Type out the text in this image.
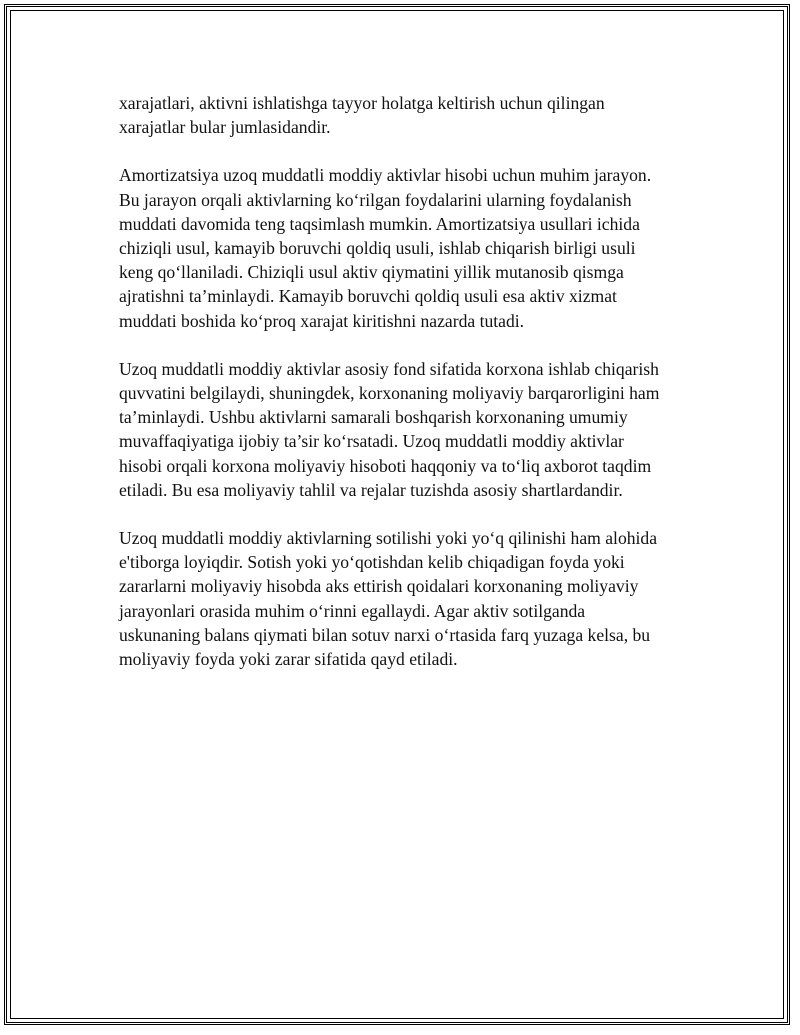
xarajatlari, aktivni ishlatishga tayyor holatga keltirish uchun qilingan
xarajatlar bular jumlasidandir.

Amortizatsiya uzoq muddatli moddiy aktivlar hisobi uchun muhim jarayon.
Bu jarayon orqali aktivlarning ko‘rilgan foydalarini ularning foydalanish
muddati davomida teng taqsimlash mumkin. Amortizatsiya usullari ichida
chiziqli usul, kamayib boruvchi qoldiq usuli, ishlab chiqarish birligi usuli
keng qo‘llaniladi. Chiziqli usul aktiv qiymatini yillik mutanosib qismga
ajratishni ta’minlaydi. Kamayib boruvchi qoldiq usuli esa aktiv xizmat
muddati boshida ko‘proq xarajat kiritishni nazarda tutadi.

Uzoq muddatli moddiy aktivlar asosiy fond sifatida korxona ishlab chiqarish
quvvatini belgilaydi, shuningdek, korxonaning moliyaviy barqarorligini ham
ta’minlaydi. Ushbu aktivlarni samarali boshqarish korxonaning umumiy
muvaffaqiyatiga ijobiy ta’sir ko‘rsatadi. Uzoq muddatli moddiy aktivlar
hisobi orqali korxona moliyaviy hisoboti haqqoniy va to‘liq axborot taqdim
etiladi. Bu esa moliyaviy tahlil va rejalar tuzishda asosiy shartlardandir.

Uzoq muddatli moddiy aktivlarning sotilishi yoki yo‘q qilinishi ham alohida
e'tiborga loyiqdir. Sotish yoki yo‘qotishdan kelib chiqadigan foyda yoki
zararlarni moliyaviy hisobda aks ettirish qoidalari korxonaning moliyaviy
jarayonlari orasida muhim o‘rinni egallaydi. Agar aktiv sotilganda
uskunaning balans qiymati bilan sotuv narxi o‘rtasida farq yuzaga kelsa, bu
moliyaviy foyda yoki zarar sifatida qayd etiladi.
